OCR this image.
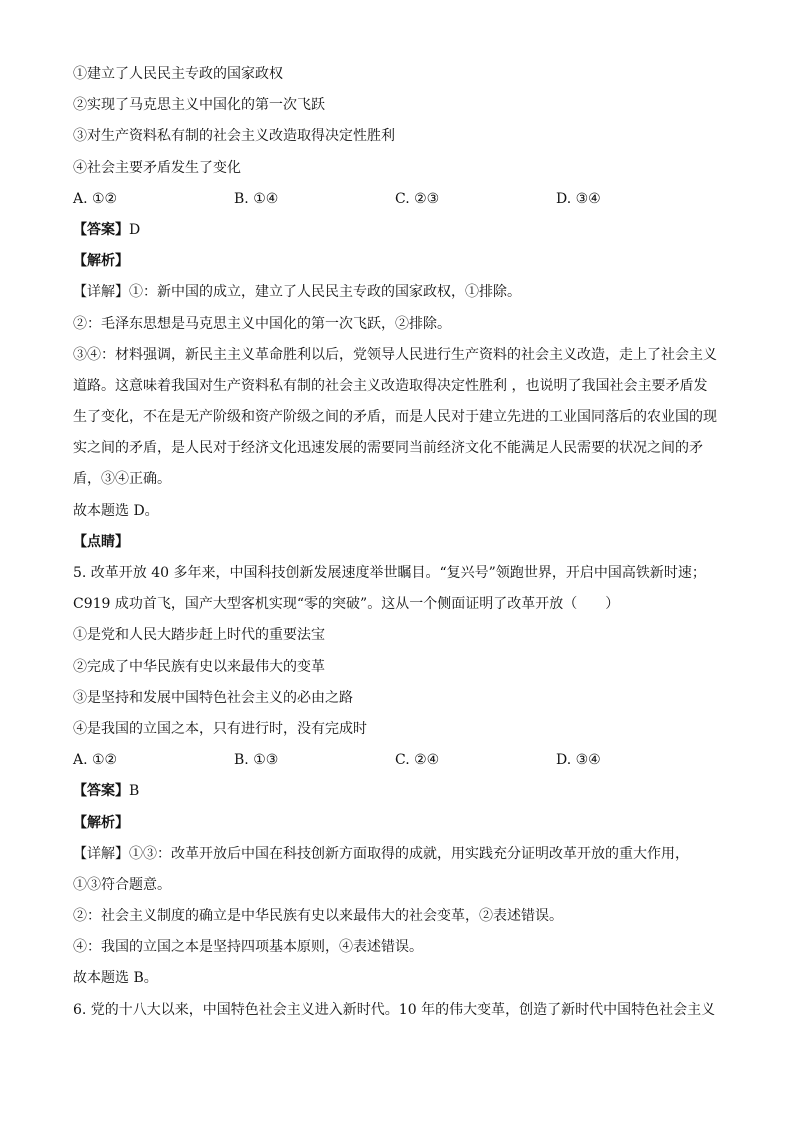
①建立了人民民主专政的国家政权
②实现了马克思主义中国化的第一次飞跃
③对生产资料私有制的社会主义改造取得决定性胜利
④社会主要矛盾发生了变化
A. ①②	B. ①④	C. ②③	D. ③④
【答案】D
【解析】
【详解】①：新中国的成立，建立了人民民主专政的国家政权，①排除。
②：毛泽东思想是马克思主义中国化的第一次飞跃，②排除。
③④：材料强调，新民主主义革命胜利以后，党领导人民进行生产资料的社会主义改造，走上了社会主义
道路。这意味着我国对生产资料私有制的社会主义改造取得决定性胜利 ，也说明了我国社会主要矛盾发
生了变化，不在是无产阶级和资产阶级之间的矛盾，而是人民对于建立先进的工业国同落后的农业国的现
实之间的矛盾，是人民对于经济文化迅速发展的需要同当前经济文化不能满足人民需要的状况之间的矛
盾，③④正确。
故本题选 D。
【点睛】
5. 改革开放 40 多年来，中国科技创新发展速度举世瞩目。“复兴号”领跑世界，开启中国高铁新时速；
C919 成功首飞，国产大型客机实现“零的突破”。这从一个侧面证明了改革开放（　　）
①是党和人民大踏步赶上时代的重要法宝
②完成了中华民族有史以来最伟大的变革
③是坚持和发展中国特色社会主义的必由之路
④是我国的立国之本，只有进行时，没有完成时
A. ①②	B. ①③	C. ②④	D. ③④
【答案】B
【解析】
【详解】①③：改革开放后中国在科技创新方面取得的成就，用实践充分证明改革开放的重大作用，
①③符合题意。
②：社会主义制度的确立是中华民族有史以来最伟大的社会变革，②表述错误。
④：我国的立国之本是坚持四项基本原则，④表述错误。
故本题选 B。
6. 党的十八大以来，中国特色社会主义进入新时代。10 年的伟大变革，创造了新时代中国特色社会主义
